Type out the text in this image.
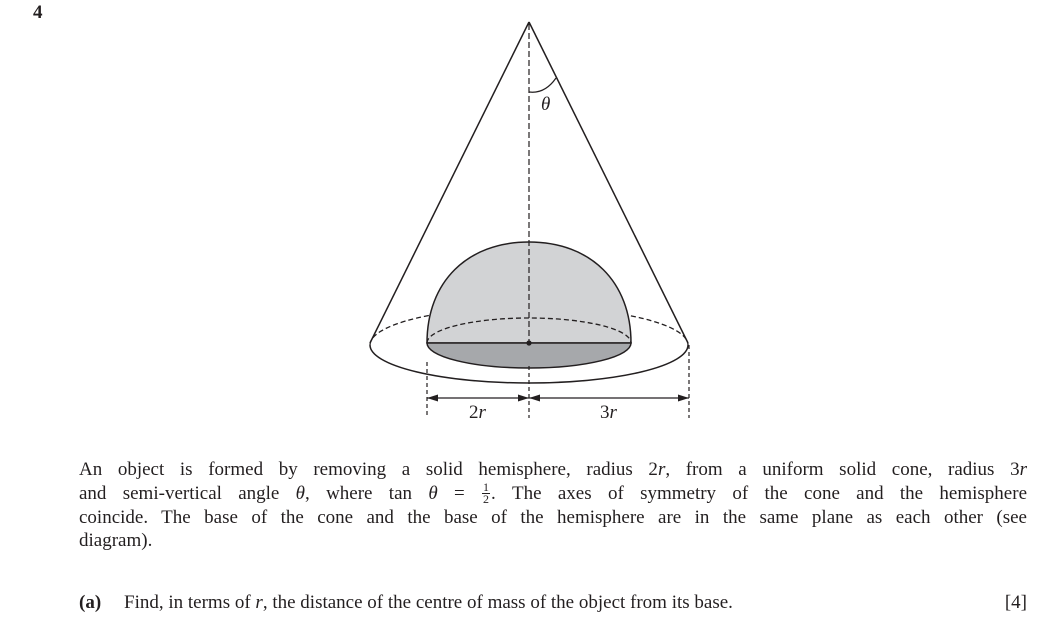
4
θ
2r	3r
An object is formed by removing a solid hemisphere, radius 2r, from a uniform solid cone, radius 3r
and semi-vertical angle θ, where $\tan \theta = \frac{1}{2}$ . The axes of symmetry of the cone and the hemisphere
coincide. The base of the cone and the base of the hemisphere are in the same plane as each other (see
diagram).
(a) Find, in terms of r, the distance of the centre of mass of the object from its base.	[4]
